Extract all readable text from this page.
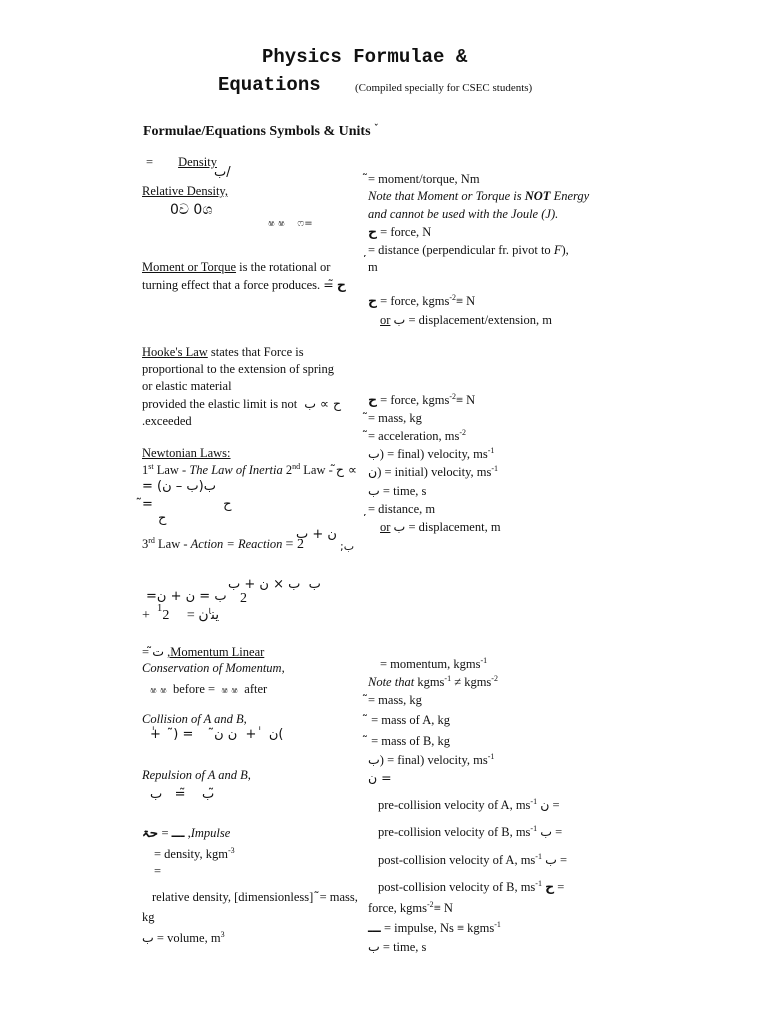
Physics Formulae &
Equations	(Compiled specially for CSEC students)
Formulae/Equations Symbols & Units $^ˇ$
=        Density
ب/
Relative Density,
0ව 0ශ
ෂ ෂ    ෆ=
Moment or Torque is the rotational or
turning effect that a force produces. =̃ ح
Hooke's Law states that Force is
proportional to the extension of spring
or elastic material
provided the elastic limit is not  ح ∝ ب
.exceeded
Newtonian Laws:
1st Law - The Law of Inertia 2nd Law - ح̃ ∝
= ب(ب – ن)
̃=                 ح
ح
3rd Law - Action = Reaction = 2
ن + ب
;ب
ب  ب × ن + ب
=ب = ن + ن 2
+  $^1$2     = ين$^ا$ن
= ت̃ ,Momentum Linear
Conservation of Momentum,
ෂ ෂ before = ෂ ෂ after
Collision of A and B,
ٰ+   )̃ =     ن   ٰ+  ن ن̃(
Repulsion of A and B,
ب    ̃=   ب ̃
ـــ = حۃ ,Impulse
= density, kgm$^{-3}$
=
relative density, [dimensionless] = mass,
kg
ب = volume, $m^3$
= moment/torque, Nm
Note that Moment or Torque is NOT Energy
and cannot be used with the Joule (J).
ح = force, N
= distance (perpendicular fr. pivot to F),
m
ح = force, kgms$^{-2}$≡ N
or ب = displacement/extension, m
ح = force, kgms$^{-2}$≡ N
= mass, kg
= acceleration, $ms^{-2}$
ب) = final) velocity, $ms^{-1}$
ن) = initial) velocity, $ms^{-1}$
ب = time, s
= distance, m
or ب = displacement, m
= momentum, kgms$^{-1}$
Note that kgms$^{-1}$ ≠ kgms$^{-2}$
= mass, kg
= mass of A, kg
= mass of B, kg
ب) = final) velocity, $ms^{-1}$
ن =
pre-collision velocity of A, $ms^{-1}$ ن =
pre-collision velocity of B, $ms^{-1}$ ب =
post-collision velocity of A, $ms^{-1}$ ب =
post-collision velocity of B, $ms^{-1}$ ح =
force, kgms$^{-2}$≡ N
ـــ = impulse, Ns ≡ kgms$^{-1}$
ب = time, s
